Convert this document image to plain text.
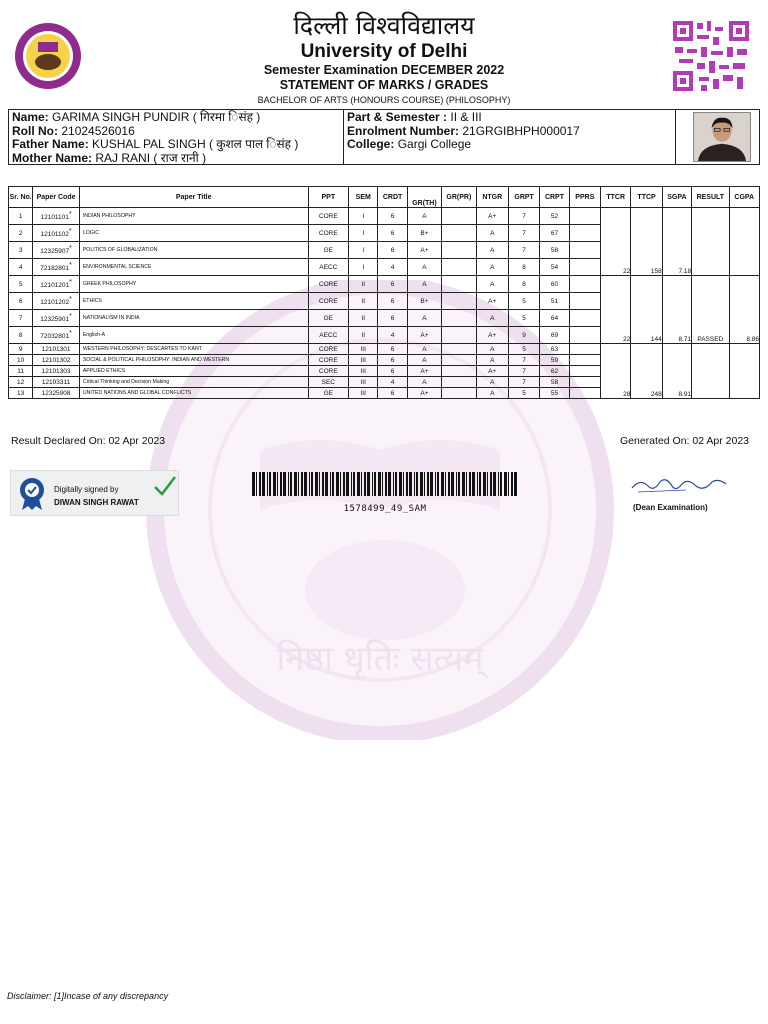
निष्ठा धृतिः सत्यम्
दिल्ली विश्वविद्यालय
University of Delhi
Semester Examination DECEMBER 2022
STATEMENT OF MARKS / GRADES
BACHELOR OF ARTS (HONOURS COURSE) (PHILOSOPHY)
Name: GARIMA SINGH PUNDIR ( गिरमा िसंह )
Roll No: 21024526016
Father Name: KUSHAL PAL SINGH ( कुशल पाल िसंह )
Mother Name: RAJ RANI ( राज रानी )
Part & Semester : II & III
Enrolment Number: 21GRGIBHPH000017
College: Gargi College
Sr. No.	Paper Code	Paper Title	PPT	SEM	CRDT	GR(TH)	GR(PR)	NTGR	GRPT	CRPT	PPRS	TTCR	TTCP	SGPA	RESULT	CGPA
1	12101101*	INDIAN PHILOSOPHY	CORE	I	6	A		A+	7	52		22	158	7.18		
2	12101102*	LOGIC	CORE	I	6	B+		A	7	67						
3	12325907*	POLITICS OF GLOBALIZATION	GE	I	6	A+		A	7	58						
4	72182801*	ENVIRONMENTAL SCIENCE	AECC	I	4	A		A	8	54						
5	12101201*	GREEK PHILOSOPHY	CORE	II	6	A		A	8	60		22	144	8.71	PASSED	8.86
6	12101202*	ETHICS	CORE	II	6	B+		A+	5	51						
7	12325901*	NATIONALISM IN INDIA	GE	II	6	A		A	5	64						
8	72032801*	English-A	AECC	II	4	A+		A+	9	69						
9	12101301	WESTERN PHILOSOPHY: DESCARTES TO KANT	CORE	III	6	A		A	5	63		28	248	8.91		
10	12101302	SOCIAL & POLITICAL PHILOSOPHY: INDIAN AND WESTERN	CORE	III	6	A		A	7	59						
11	12101303	APPLIED ETHICS	CORE	III	6	A+		A+	7	62						
12	12103311	Critical Thinking and Decision Making	SEC	III	4	A		A	7	58						
13	12325908	UNITED NATIONS AND GLOBAL CONFLICTS	GE	III	6	A+		A	5	55						
Result Declared On: 02 Apr 2023	Generated On: 02 Apr 2023
Digitally signed by
DIWAN SINGH RAWAT
1578499_49_SAM	(Dean Examination)
Disclaimer: [1]Incase of any discrepancy
